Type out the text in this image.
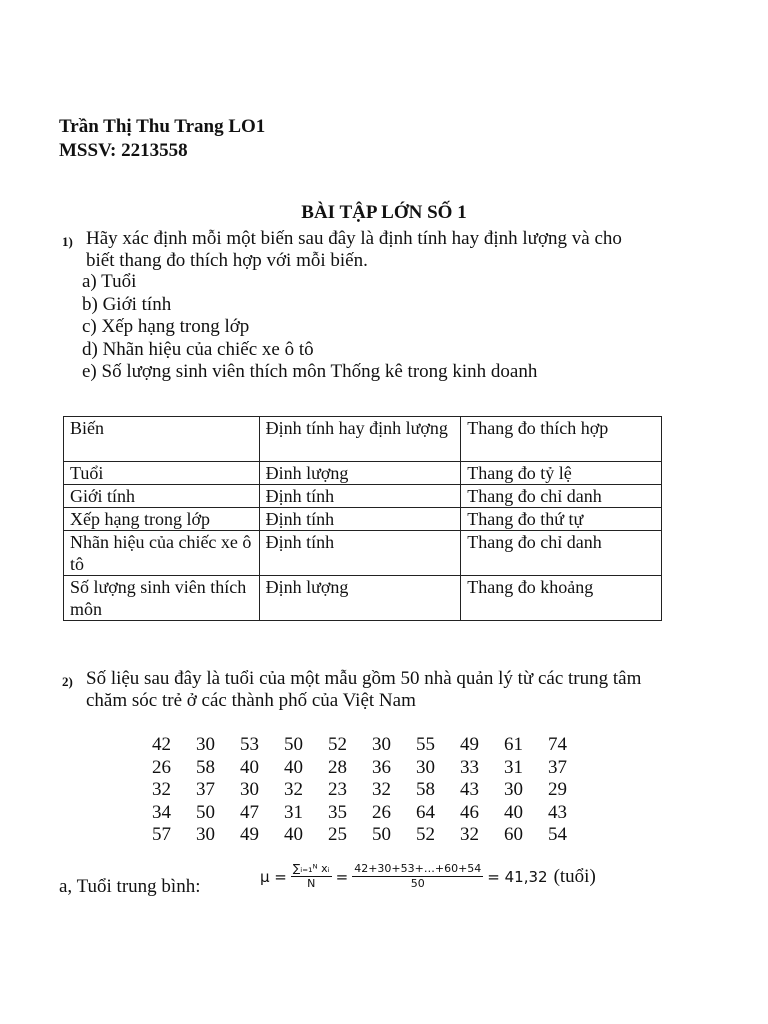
Trần Thị Thu Trang LO1
MSSV: 2213558
BÀI TẬP LỚN SỐ 1
1) Hãy xác định mỗi một biến sau đây là định tính hay định lượng và cho
biết thang đo thích hợp với mỗi biến.
a) Tuổi
b) Giới tính
c) Xếp hạng trong lớp
d) Nhãn hiệu của chiếc xe ô tô
e) Số lượng sinh viên thích môn Thống kê trong kinh doanh
Biến	Định tính hay định lượng	Thang đo thích hợp
Tuổi	Đinh lượng	Thang đo tỷ lệ
Giới tính	Định tính	Thang đo chỉ danh
Xếp hạng trong lớp	Định tính	Thang đo thứ tự
Nhãn hiệu của chiếc xe ô tô	Định tính	Thang đo chỉ danh
Số lượng sinh viên thích môn	Định lượng	Thang đo khoảng
2) Số liệu sau đây là tuổi của một mẫu gồm 50 nhà quản lý từ các trung tâm
chăm sóc trẻ ở các thành phố của Việt Nam
42	30	53	50	52	30	55	49	61	74
26	58	40	40	28	36	30	33	31	37
32	37	30	32	23	32	58	43	30	29
34	50	47	31	35	26	64	46	40	43
57	30	49	40	25	50	52	32	60	54
a, Tuổi trung bình:	$\mu = \frac{\text{∑ᵢ₌₁ᴺ xᵢ}}{N} = \frac{42+30+53+\dots+60+54}{50} = 41,32$ (tuổi)
